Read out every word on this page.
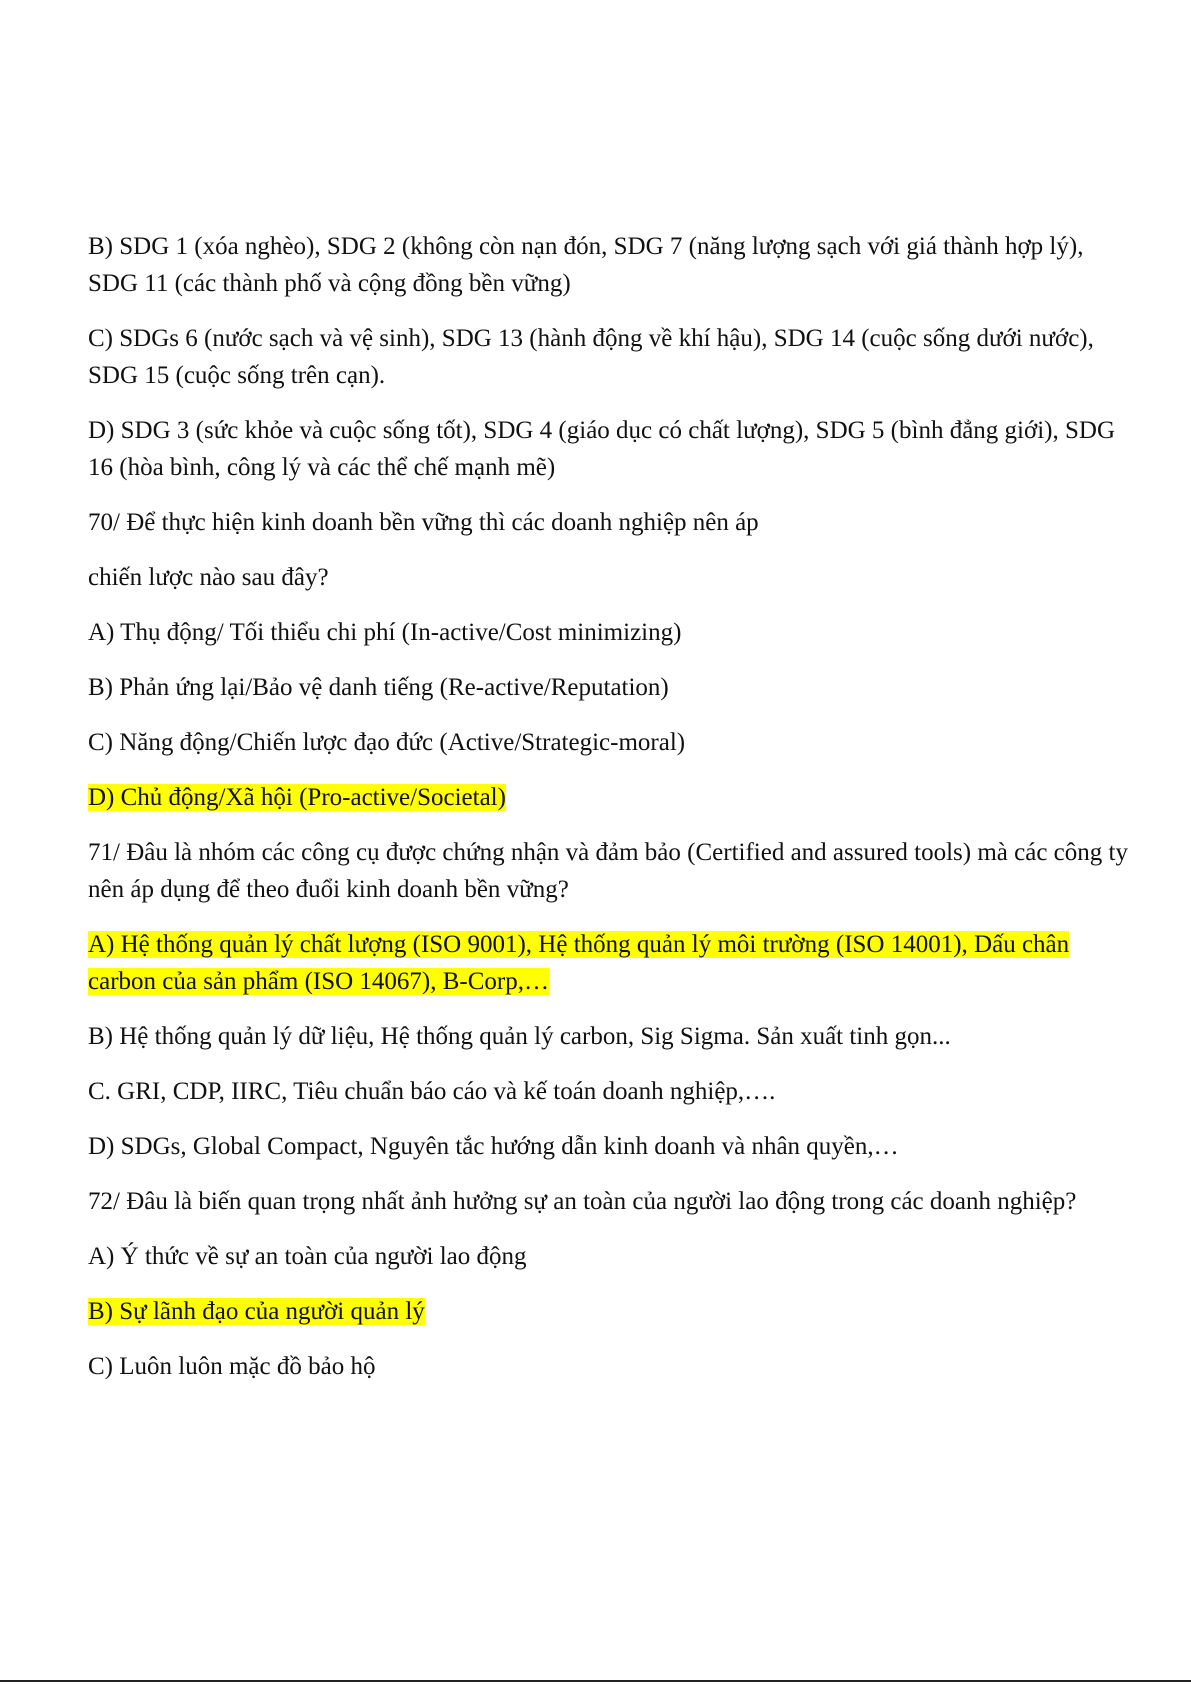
B) SDG 1 (xóa nghèo), SDG 2 (không còn nạn đón, SDG 7 (năng lượng sạch với giá thành hợp lý), SDG 11 (các thành phố và cộng đồng bền vững)

C) SDGs 6 (nước sạch và vệ sinh), SDG 13 (hành động về khí hậu), SDG 14 (cuộc sống dưới nước), SDG 15 (cuộc sống trên cạn).

D) SDG 3 (sức khỏe và cuộc sống tốt), SDG 4 (giáo dục có chất lượng), SDG 5 (bình đẳng giới), SDG 16 (hòa bình, công lý và các thể chế mạnh mẽ)

70/ Để thực hiện kinh doanh bền vững thì các doanh nghiệp nên áp

chiến lược nào sau đây?

A) Thụ động/ Tối thiểu chi phí (In-active/Cost minimizing)

B) Phản ứng lại/Bảo vệ danh tiếng (Re-active/Reputation)

C) Năng động/Chiến lược đạo đức (Active/Strategic-moral)

D) Chủ động/Xã hội (Pro-active/Societal)

71/ Đâu là nhóm các công cụ được chứng nhận và đảm bảo (Certified and assured tools) mà các công ty nên áp dụng để theo đuổi kinh doanh bền vững?

A) Hệ thống quản lý chất lượng (ISO 9001), Hệ thống quản lý môi trường (ISO 14001), Dấu chân carbon của sản phẩm (ISO 14067), B-Corp,…

B) Hệ thống quản lý dữ liệu, Hệ thống quản lý carbon, Sig Sigma. Sản xuất tinh gọn...

C. GRI, CDP, IIRC, Tiêu chuẩn báo cáo và kế toán doanh nghiệp,….

D) SDGs, Global Compact, Nguyên tắc hướng dẫn kinh doanh và nhân quyền,…

72/ Đâu là biến quan trọng nhất ảnh hưởng sự an toàn của người lao động trong các doanh nghiệp?

A) Ý thức về sự an toàn của người lao động

B) Sự lãnh đạo của người quản lý

C) Luôn luôn mặc đồ bảo hộ
